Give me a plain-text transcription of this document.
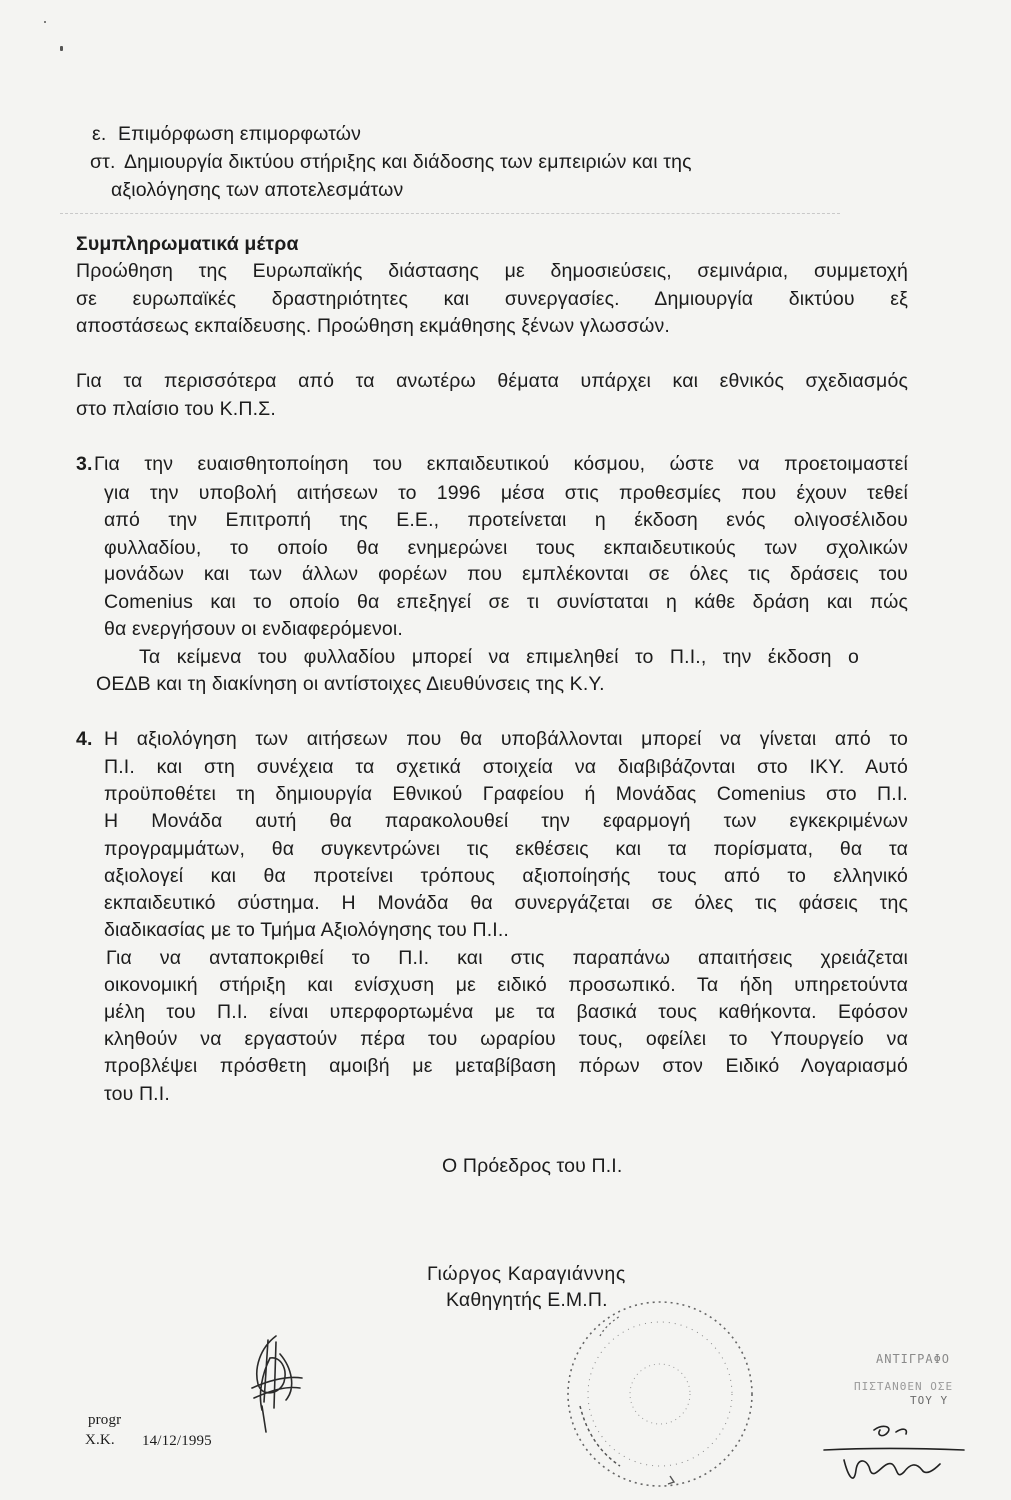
ε. Επιμόρφωση επιμορφωτών
στ. Δημιουργία δικτύου στήριξης και διάδοσης των εμπειριών και της
αξιολόγησης των αποτελεσμάτων
Συμπληρωματικά μέτρα
Προώθηση της Ευρωπαϊκής διάστασης με δημοσιεύσεις, σεμινάρια, συμμετοχή
σε ευρωπαϊκές δραστηριότητες και συνεργασίες. Δημιουργία δικτύου εξ
αποστάσεως εκπαίδευσης. Προώθηση εκμάθησης ξένων γλωσσών.
Για τα περισσότερα από τα ανωτέρω θέματα υπάρχει και εθνικός σχεδιασμός
στο πλαίσιο του Κ.Π.Σ.
3. Για την ευαισθητοποίηση του εκπαιδευτικού κόσμου, ώστε να προετοιμαστεί
για την υποβολή αιτήσεων το 1996 μέσα στις προθεσμίες που έχουν τεθεί
από την Επιτροπή της Ε.Ε., προτείνεται η έκδοση ενός ολιγοσέλιδου
φυλλαδίου, το οποίο θα ενημερώνει τους εκπαιδευτικούς των σχολικών
μονάδων και των άλλων φορέων που εμπλέκονται σε όλες τις δράσεις του
Comenius και το οποίο θα επεξηγεί σε τι συνίσταται η κάθε δράση και πώς
θα ενεργήσουν οι ενδιαφερόμενοι.
Τα κείμενα του φυλλαδίου μπορεί να επιμεληθεί το Π.Ι., την έκδοση ο
ΟΕΔΒ και τη διακίνηση οι αντίστοιχες Διευθύνσεις της Κ.Υ.
4. Η αξιολόγηση των αιτήσεων που θα υποβάλλονται μπορεί να γίνεται από το
Π.Ι. και στη συνέχεια τα σχετικά στοιχεία να διαβιβάζονται στο ΙΚΥ. Αυτό
προϋποθέτει τη δημιουργία Εθνικού Γραφείου ή Μονάδας Comenius στο Π.Ι.
Η Μονάδα αυτή θα παρακολουθεί την εφαρμογή των εγκεκριμένων
προγραμμάτων, θα συγκεντρώνει τις εκθέσεις και τα πορίσματα, θα τα
αξιολογεί και θα προτείνει τρόπους αξιοποίησής τους από το ελληνικό
εκπαιδευτικό σύστημα. Η Μονάδα θα συνεργάζεται σε όλες τις φάσεις της
διαδικασίας με το Τμήμα Αξιολόγησης του Π.Ι..
Για να ανταποκριθεί το Π.Ι. και στις παραπάνω απαιτήσεις χρειάζεται
οικονομική στήριξη και ενίσχυση με ειδικό προσωπικό. Τα ήδη υπηρετούντα
μέλη του Π.Ι. είναι υπερφορτωμένα με τα βασικά τους καθήκοντα. Εφόσον
κληθούν να εργαστούν πέρα του ωραρίου τους, οφείλει το Υπουργείο να
προβλέψει πρόσθετη αμοιβή με μεταβίβαση πόρων στον Ειδικό Λογαριασμό
του Π.Ι.
Ο Πρόεδρος του Π.Ι.
Γιώργος Καραγιάννης
Καθηγητής Ε.Μ.Π.
ΑΝΤΙΓΡΑΦΟ
ΠΙΣΤΑΝΘΕΝ ΟΣΕ
ΤΟΥ Υ
progr
Χ.Κ. 14/12/1995
